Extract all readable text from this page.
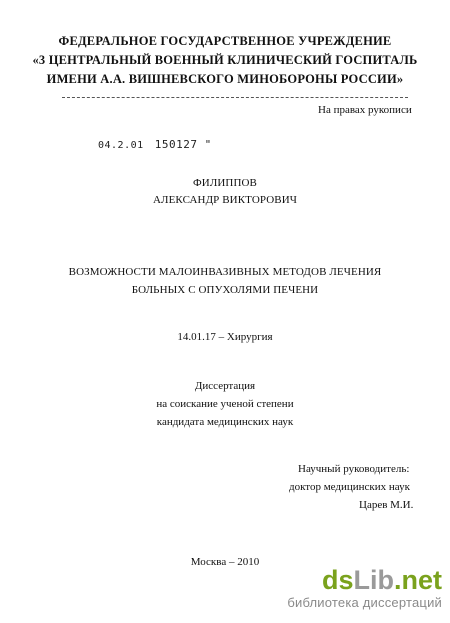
ФЕДЕРАЛЬНОЕ ГОСУДАРСТВЕННОЕ УЧРЕЖДЕНИЕ
«3 ЦЕНТРАЛЬНЫЙ ВОЕННЫЙ КЛИНИЧЕСКИЙ ГОСПИТАЛЬ
ИМЕНИ А.А. ВИШНЕВСКОГО МИНОБОРОНЫ РОССИИ»
На правах рукописи
04.2.01 150127 "
ФИЛИППОВ
АЛЕКСАНДР ВИКТОРОВИЧ
ВОЗМОЖНОСТИ МАЛОИНВАЗИВНЫХ МЕТОДОВ ЛЕЧЕНИЯ
БОЛЬНЫХ С ОПУХОЛЯМИ ПЕЧЕНИ
14.01.17 – Хирургия
Диссертация
на соискание ученой степени
кандидата медицинских наук
Научный руководитель:
доктор медицинских наук
Царев М.И.
Москва – 2010
dsLib.net
библиотека диссертаций
